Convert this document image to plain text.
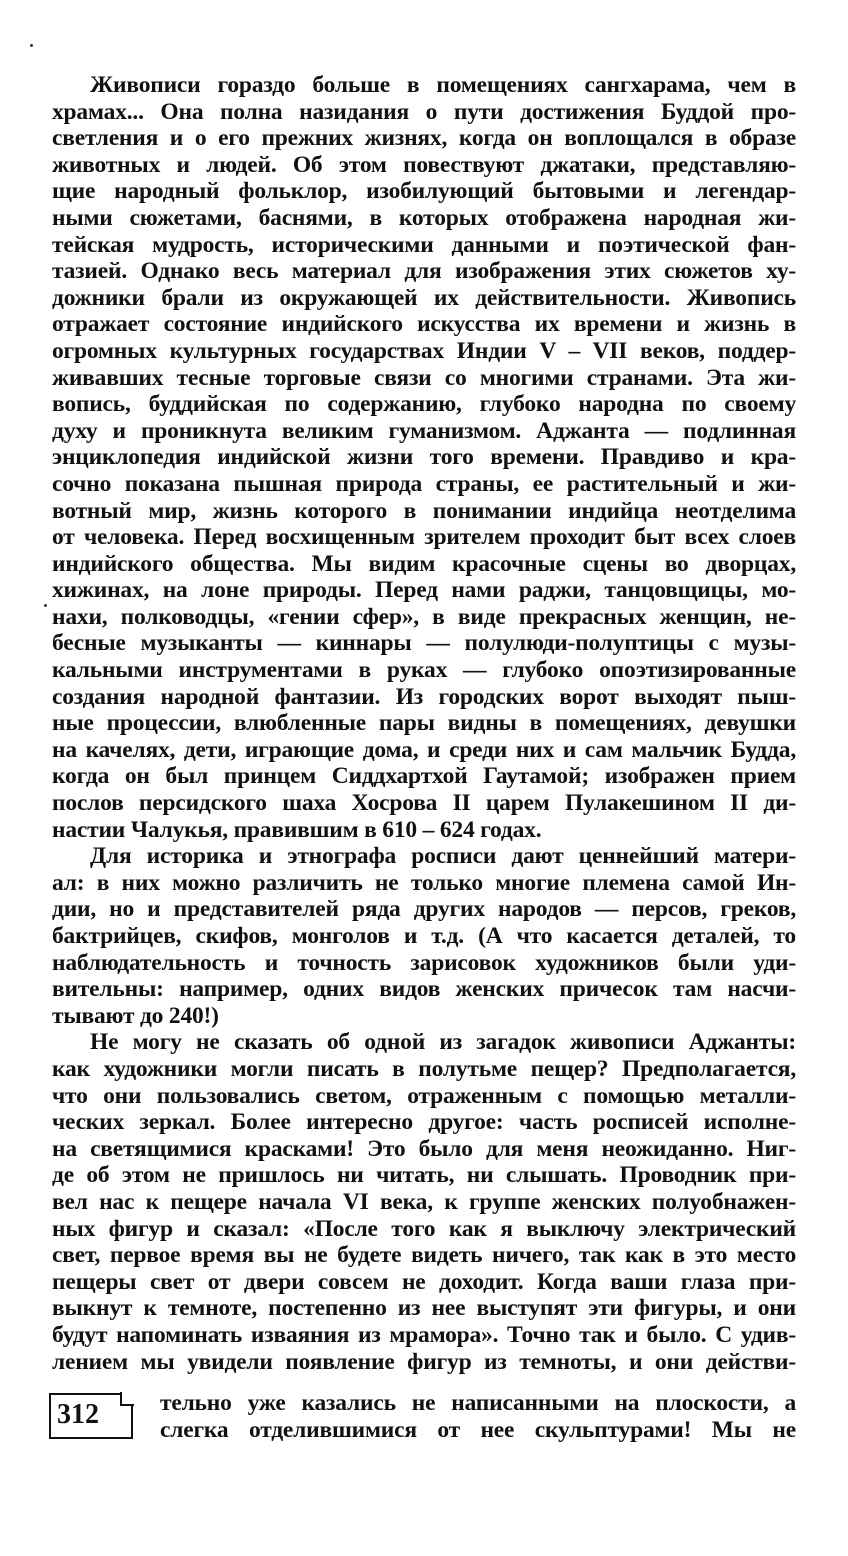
Живописи гораздо больше в помещениях сангхарама, чем в
храмах... Она полна назидания о пути достижения Буддой про-
светления и о его прежних жизнях, когда он воплощался в образе
животных и людей. Об этом повествуют джатаки, представляю-
щие народный фольклор, изобилующий бытовыми и легендар-
ными сюжетами, баснями, в которых отображена народная жи-
тейская мудрость, историческими данными и поэтической фан-
тазией. Однако весь материал для изображения этих сюжетов ху-
дожники брали из окружающей их действительности. Живопись
отражает состояние индийского искусства их времени и жизнь в
огромных культурных государствах Индии V – VII веков, поддер-
живавших тесные торговые связи со многими странами. Эта жи-
вопись, буддийская по содержанию, глубоко народна по своему
духу и проникнута великим гуманизмом. Аджанта — подлинная
энциклопедия индийской жизни того времени. Правдиво и кра-
сочно показана пышная природа страны, ее растительный и жи-
вотный мир, жизнь которого в понимании индийца неотделима
от человека. Перед восхищенным зрителем проходит быт всех слоев
индийского общества. Мы видим красочные сцены во дворцах,
хижинах, на лоне природы. Перед нами раджи, танцовщицы, мо-
нахи, полководцы, «гении сфер», в виде прекрасных женщин, не-
бесные музыканты — киннары — полулюди-полуптицы с музы-
кальными инструментами в руках — глубоко опоэтизированные
создания народной фантазии. Из городских ворот выходят пыш-
ные процессии, влюбленные пары видны в помещениях, девушки
на качелях, дети, играющие дома, и среди них и сам мальчик Будда,
когда он был принцем Сиддхартхой Гаутамой; изображен прием
послов персидского шаха Хосрова II царем Пулакешином II ди-
настии Чалукья, правившим в 610 – 624 годах.
Для историка и этнографа росписи дают ценнейший матери-
ал: в них можно различить не только многие племена самой Ин-
дии, но и представителей ряда других народов — персов, греков,
бактрийцев, скифов, монголов и т.д. (А что касается деталей, то
наблюдательность и точность зарисовок художников были уди-
вительны: например, одних видов женских причесок там насчи-
тывают до 240!)
Не могу не сказать об одной из загадок живописи Аджанты:
как художники могли писать в полутьме пещер? Предполагается,
что они пользовались светом, отраженным с помощью металли-
ческих зеркал. Более интересно другое: часть росписей исполне-
на светящимися красками! Это было для меня неожиданно. Ниг-
де об этом не пришлось ни читать, ни слышать. Проводник при-
вел нас к пещере начала VI века, к группе женских полуобнажен-
ных фигур и сказал: «После того как я выключу электрический
свет, первое время вы не будете видеть ничего, так как в это место
пещеры свет от двери совсем не доходит. Когда ваши глаза при-
выкнут к темноте, постепенно из нее выступят эти фигуры, и они
будут напоминать изваяния из мрамора». Точно так и было. С удив-
лением мы увидели появление фигур из темноты, и они действи-
312	тельно уже казались не написанными на плоскости, а
слегка отделившимися от нее скульптурами! Мы не
